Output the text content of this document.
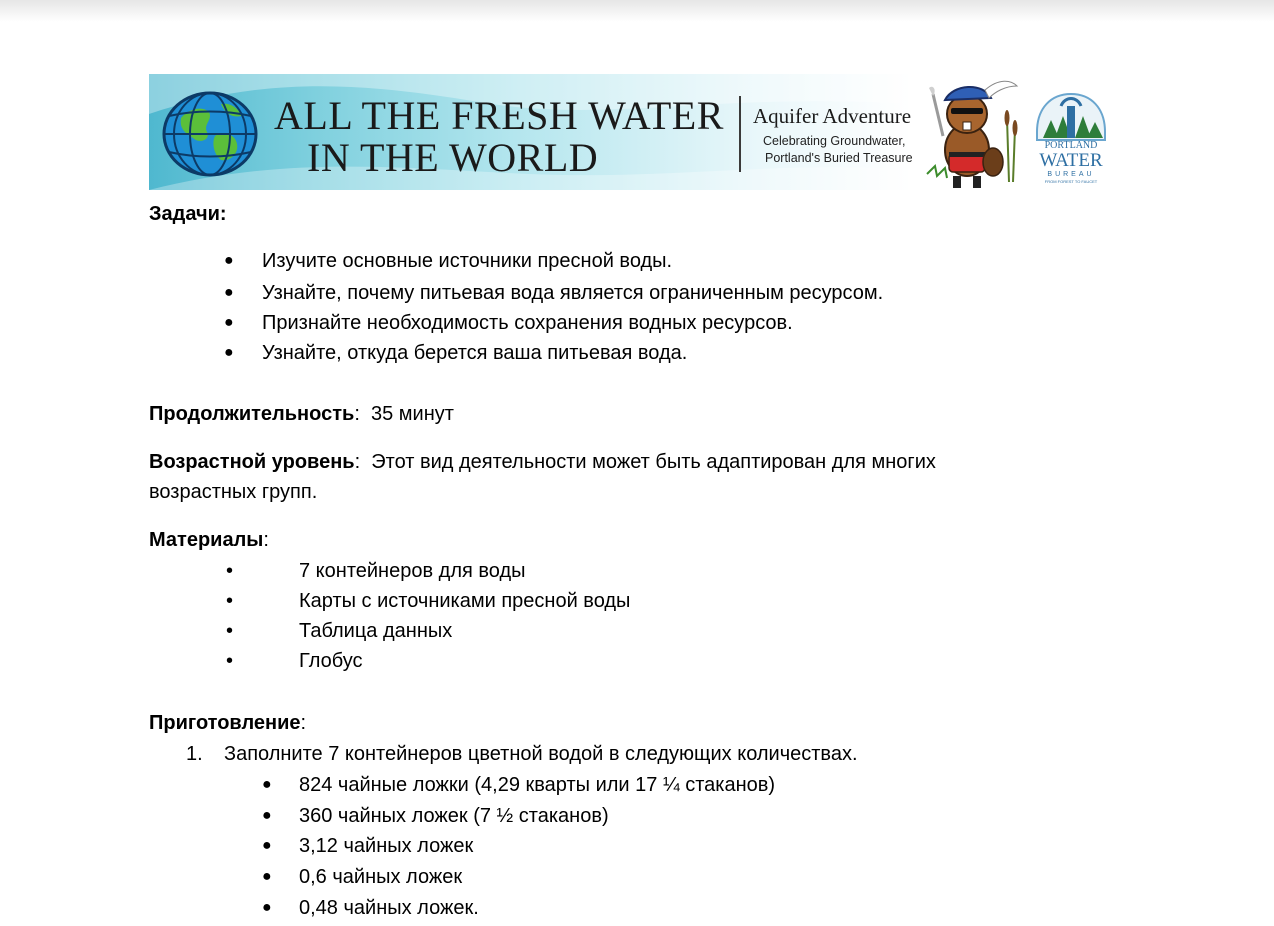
ALL THE FRESH WATER

IN THE WORLD

Aquifer Adventure

Celebrating Groundwater,

Portland's Buried Treasure

PORTLAND
WATER
BUREAU
FROM FOREST TO FAUCET

Задачи:

● Изучите основные источники пресной воды.

● Узнайте, почему питьевая вода является ограниченным ресурсом.

● Признайте необходимость сохранения водных ресурсов.

● Узнайте, откуда берется ваша питьевая вода.

Продолжительность: 35 минут

Возрастной уровень: Этот вид деятельности может быть адаптирован для многих

возрастных групп.

Материалы:

•	7 контейнеров для воды

•	Карты с источниками пресной воды

•	Таблица данных

•	Глобус

Приготовление:

1. Заполните 7 контейнеров цветной водой в следующих количествах.

● 824 чайные ложки (4,29 кварты или 17 ¼ стаканов)

● 360 чайных ложек (7 ½ стаканов)

● 3,12 чайных ложек

● 0,6 чайных ложек

● 0,48 чайных ложек.
